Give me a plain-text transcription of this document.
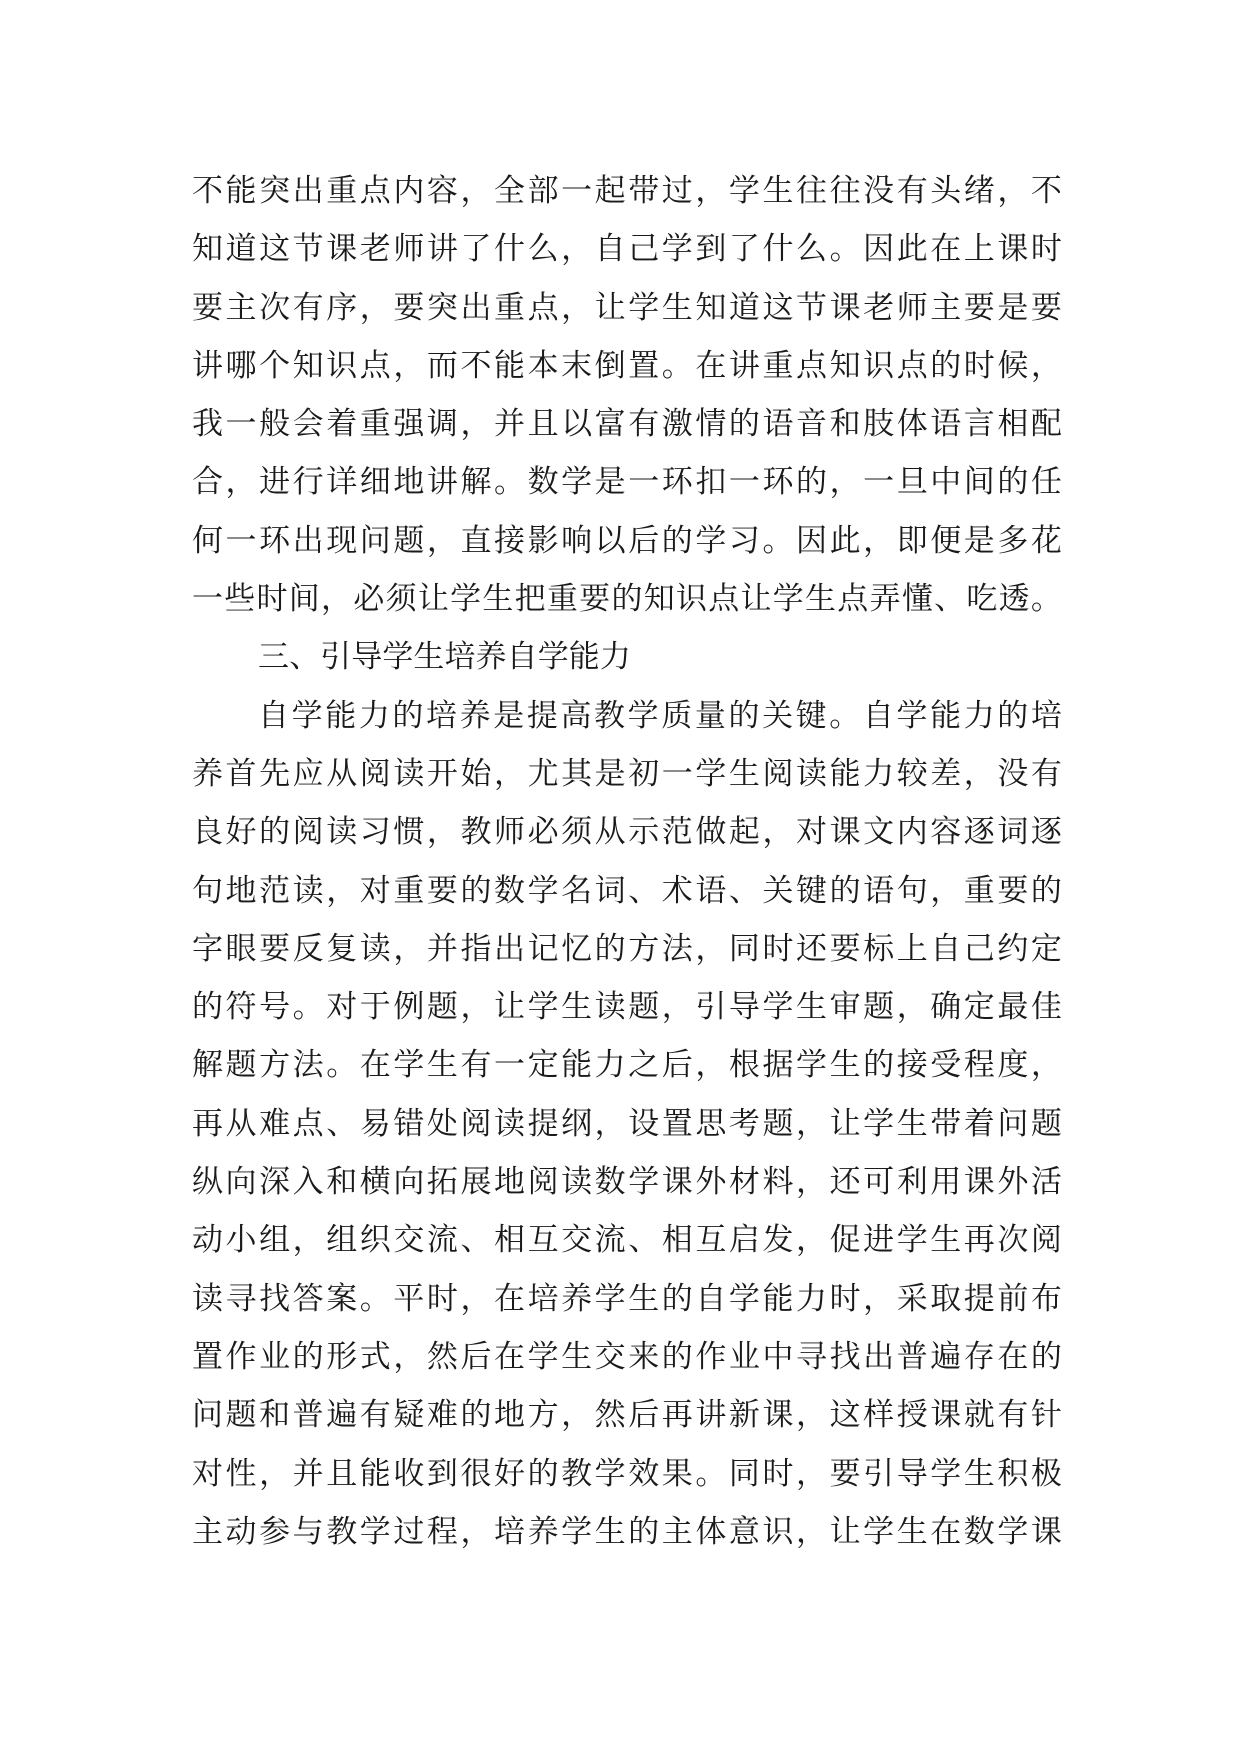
不能突出重点内容，全部一起带过，学生往往没有头绪，不
知道这节课老师讲了什么，自己学到了什么。因此在上课时
要主次有序，要突出重点，让学生知道这节课老师主要是要
讲哪个知识点，而不能本末倒置。在讲重点知识点的时候，
我一般会着重强调，并且以富有激情的语音和肢体语言相配
合，进行详细地讲解。数学是一环扣一环的，一旦中间的任
何一环出现问题，直接影响以后的学习。因此，即便是多花
一些时间，必须让学生把重要的知识点让学生点弄懂、吃透。
三、引导学生培养自学能力
自学能力的培养是提高教学质量的关键。自学能力的培
养首先应从阅读开始，尤其是初一学生阅读能力较差，没有
良好的阅读习惯，教师必须从示范做起，对课文内容逐词逐
句地范读，对重要的数学名词、术语、关键的语句，重要的
字眼要反复读，并指出记忆的方法，同时还要标上自己约定
的符号。对于例题，让学生读题，引导学生审题，确定最佳
解题方法。在学生有一定能力之后，根据学生的接受程度，
再从难点、易错处阅读提纲，设置思考题，让学生带着问题
纵向深入和横向拓展地阅读数学课外材料，还可利用课外活
动小组，组织交流、相互交流、相互启发，促进学生再次阅
读寻找答案。平时，在培养学生的自学能力时，采取提前布
置作业的形式，然后在学生交来的作业中寻找出普遍存在的
问题和普遍有疑难的地方，然后再讲新课，这样授课就有针
对性，并且能收到很好的教学效果。同时，要引导学生积极
主动参与教学过程，培养学生的主体意识，让学生在数学课
